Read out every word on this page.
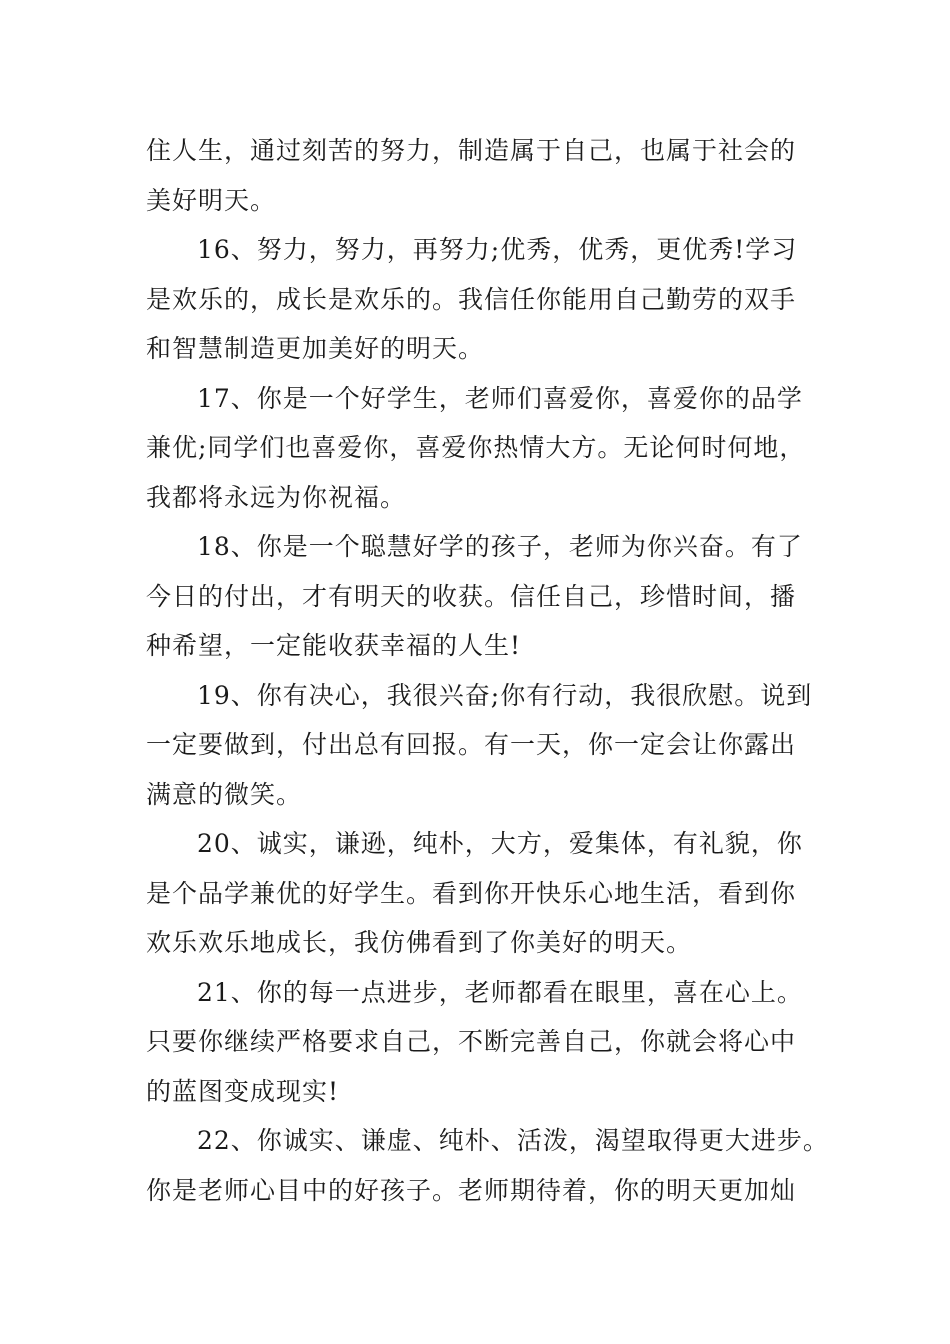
住人生，通过刻苦的努力，制造属于自己，也属于社会的
美好明天。
16、努力，努力，再努力;优秀，优秀，更优秀!学习
是欢乐的，成长是欢乐的。我信任你能用自己勤劳的双手
和智慧制造更加美好的明天。
17、你是一个好学生，老师们喜爱你，喜爱你的品学
兼优;同学们也喜爱你，喜爱你热情大方。无论何时何地，
我都将永远为你祝福。
18、你是一个聪慧好学的孩子，老师为你兴奋。有了
今日的付出，才有明天的收获。信任自己，珍惜时间，播
种希望，一定能收获幸福的人生!
19、你有决心，我很兴奋;你有行动，我很欣慰。说到
一定要做到，付出总有回报。有一天，你一定会让你露出
满意的微笑。
20、诚实，谦逊，纯朴，大方，爱集体，有礼貌，你
是个品学兼优的好学生。看到你开快乐心地生活，看到你
欢乐欢乐地成长，我仿佛看到了你美好的明天。
21、你的每一点进步，老师都看在眼里，喜在心上。
只要你继续严格要求自己，不断完善自己，你就会将心中
的蓝图变成现实!
22、你诚实、谦虚、纯朴、活泼，渴望取得更大进步。
你是老师心目中的好孩子。老师期待着，你的明天更加灿
